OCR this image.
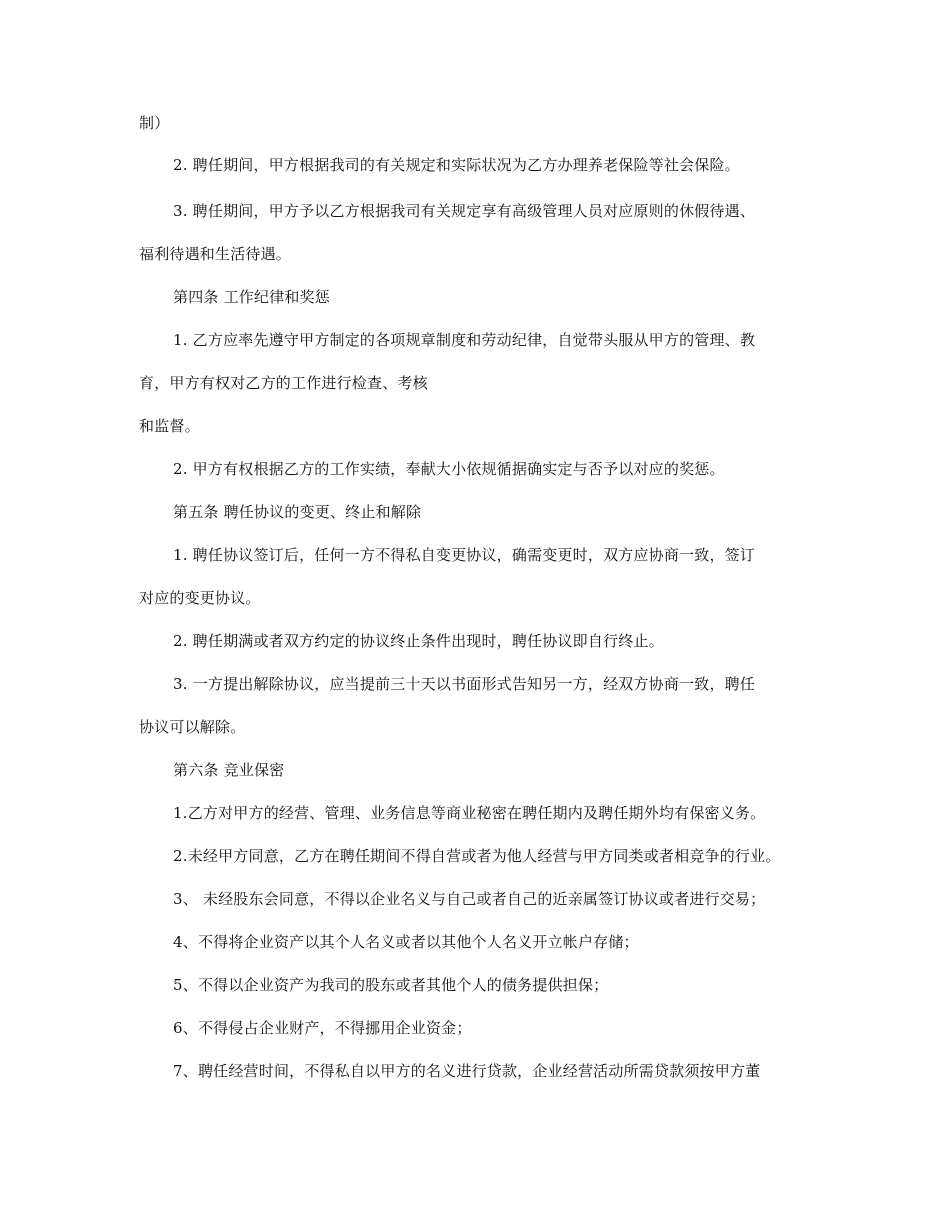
制）
2. 聘任期间，甲方根据我司的有关规定和实际状况为乙方办理养老保险等社会保险。
3. 聘任期间，甲方予以乙方根据我司有关规定享有高级管理人员对应原则的休假待遇、
福利待遇和生活待遇。
第四条 工作纪律和奖惩
1. 乙方应率先遵守甲方制定的各项规章制度和劳动纪律，自觉带头服从甲方的管理、教
育，甲方有权对乙方的工作进行检查、考核
和监督。
2. 甲方有权根据乙方的工作实绩，奉献大小依规循据确实定与否予以对应的奖惩。
第五条 聘任协议的变更、终止和解除
1. 聘任协议签订后，任何一方不得私自变更协议，确需变更时，双方应协商一致，签订
对应的变更协议。
2. 聘任期满或者双方约定的协议终止条件出现时，聘任协议即自行终止。
3. 一方提出解除协议，应当提前三十天以书面形式告知另一方，经双方协商一致，聘任
协议可以解除。
第六条 竞业保密
1.乙方对甲方的经营、管理、业务信息等商业秘密在聘任期内及聘任期外均有保密义务。
2.未经甲方同意，乙方在聘任期间不得自营或者为他人经营与甲方同类或者相竞争的行业。
3、 未经股东会同意，不得以企业名义与自己或者自己的近亲属签订协议或者进行交易；
4、不得将企业资产以其个人名义或者以其他个人名义开立帐户存储；
5、不得以企业资产为我司的股东或者其他个人的债务提供担保；
6、不得侵占企业财产，不得挪用企业资金；
7、聘任经营时间，不得私自以甲方的名义进行贷款，企业经营活动所需贷款须按甲方董
